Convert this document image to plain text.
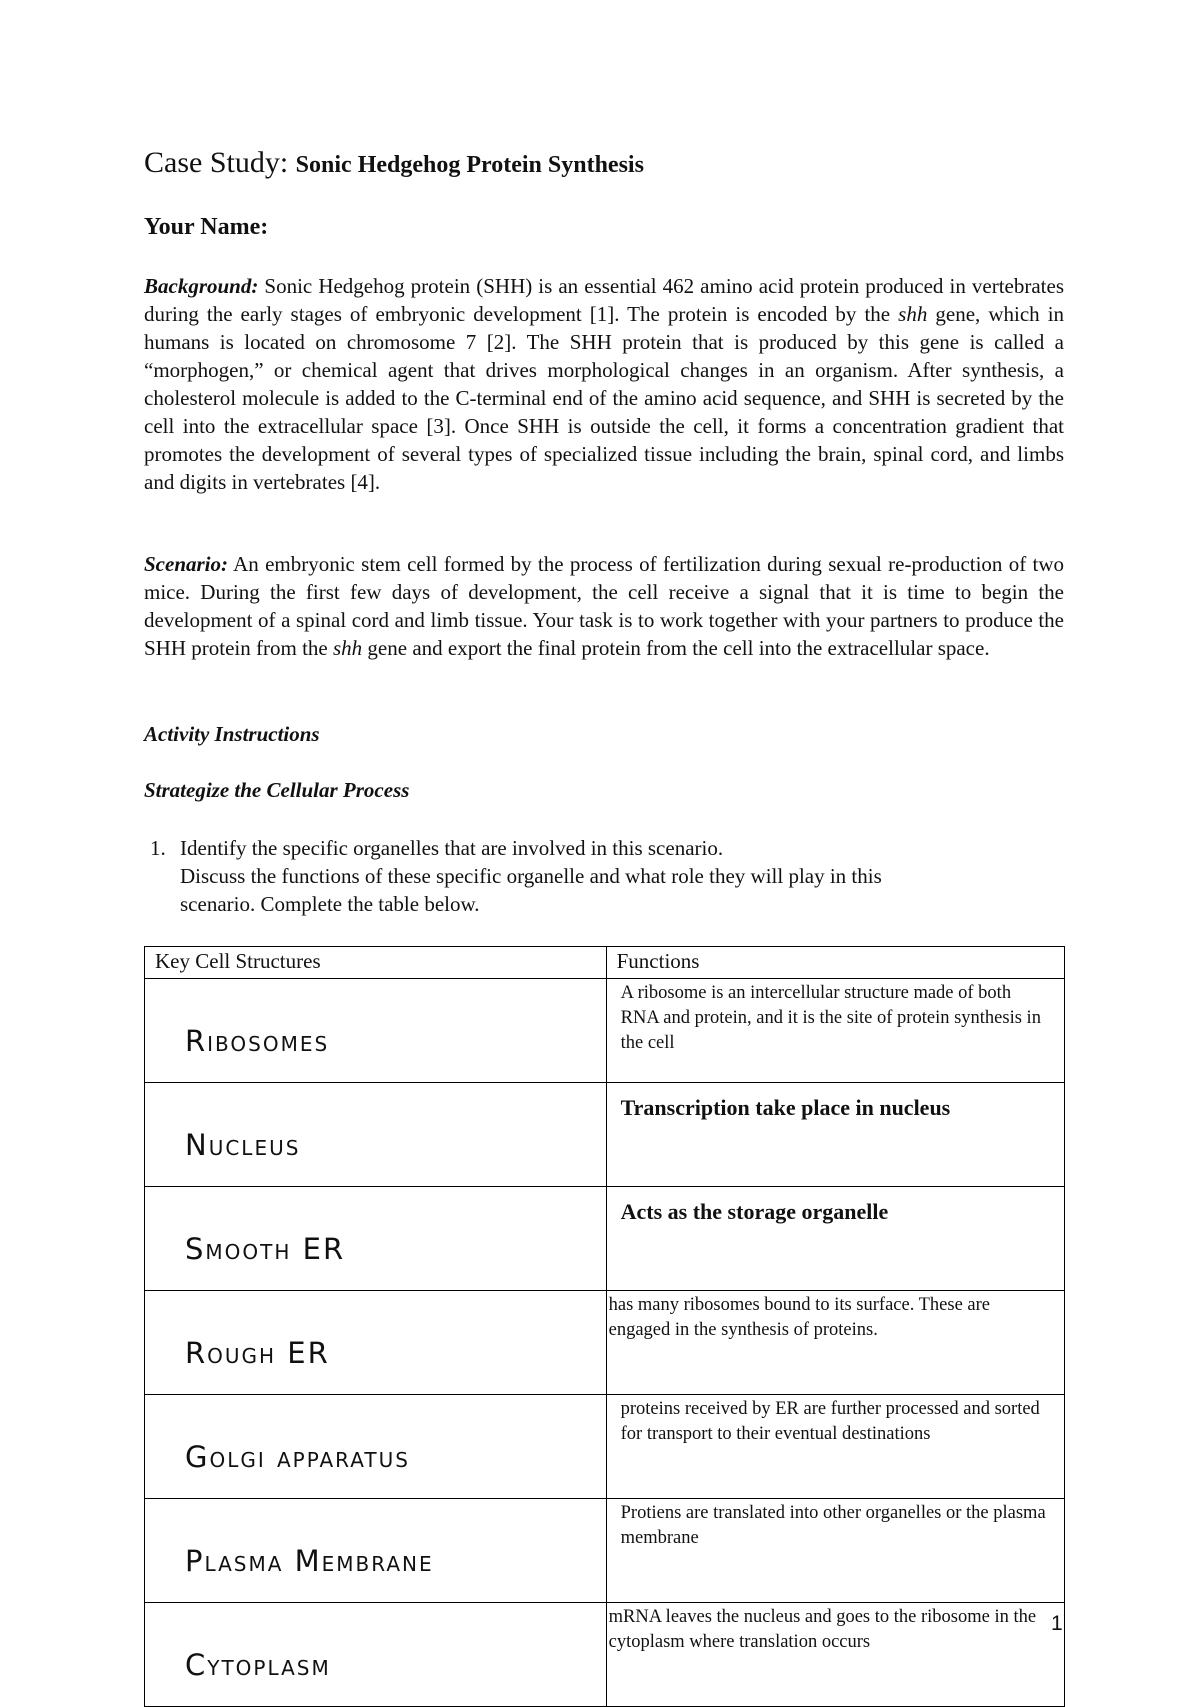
Case Study: Sonic Hedgehog Protein Synthesis
Your Name:
Background: Sonic Hedgehog protein (SHH) is an essential 462 amino acid protein produced in vertebrates during the early stages of embryonic development [1]. The protein is encoded by the shh gene, which in humans is located on chromosome 7 [2]. The SHH protein that is produced by this gene is called a “morphogen,” or chemical agent that drives morphological changes in an organism. After synthesis, a cholesterol molecule is added to the C-terminal end of the amino acid sequence, and SHH is secreted by the cell into the extracellular space [3]. Once SHH is outside the cell, it forms a concentration gradient that promotes the development of several types of specialized tissue including the brain, spinal cord, and limbs and digits in vertebrates [4].
Scenario: An embryonic stem cell formed by the process of fertilization during sexual re-production of two mice. During the first few days of development, the cell receive a signal that it is time to begin the development of a spinal cord and limb tissue. Your task is to work together with your partners to produce the SHH protein from the shh gene and export the final protein from the cell into the extracellular space.
Activity Instructions
Strategize the Cellular Process
1. Identify the specific organelles that are involved in this scenario.
Discuss the functions of these specific organelle and what role they will play in this
scenario. Complete the table below.
Key Cell Structures	Functions
Ribosomes	A ribosome is an intercellular structure made of both RNA and protein, and it is the site of protein synthesis in the cell
Nucleus	Transcription take place in nucleus
Smooth ER	Acts as the storage organelle
Rough ER	has many ribosomes bound to its surface. These are engaged in the synthesis of proteins.
Golgi apparatus	proteins received by ER are further processed and sorted for transport to their eventual destinations
Plasma Membrane	Protiens are translated into other organelles or the plasma membrane
Cytoplasm	mRNA leaves the nucleus and goes to the ribosome in the cytoplasm where translation occurs
1
